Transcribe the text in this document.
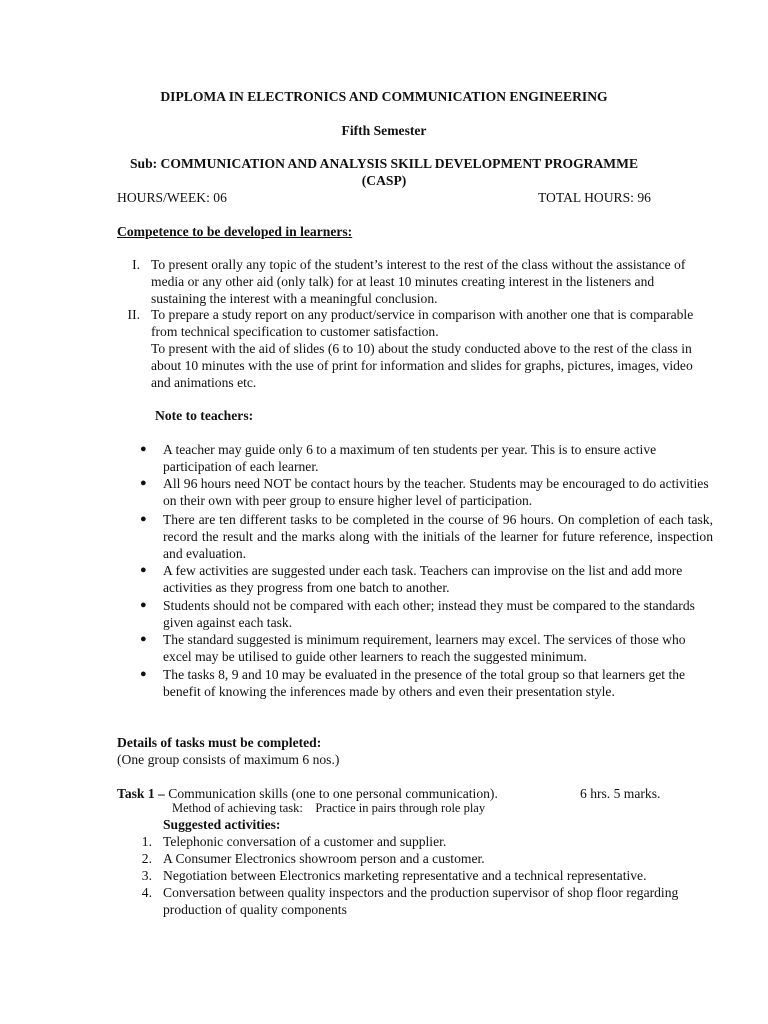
DIPLOMA IN ELECTRONICS AND COMMUNICATION ENGINEERING
Fifth Semester
Sub: COMMUNICATION AND ANALYSIS SKILL DEVELOPMENT PROGRAMME
(CASP)
HOURS/WEEK: 06	TOTAL HOURS: 96
Competence to be developed in learners:
I. To present orally any topic of the student’s interest to the rest of the class without the assistance of media or any other aid (only talk) for at least 10 minutes creating interest in the listeners and sustaining the interest with a meaningful conclusion.
II. To prepare a study report on any product/service in comparison with another one that is comparable from technical specification to customer satisfaction.
To present with the aid of slides (6 to 10) about the study conducted above to the rest of the class in about 10 minutes with the use of print for information and slides for graphs, pictures, images, video and animations etc.
Note to teachers:
● A teacher may guide only 6 to a maximum of ten students per year. This is to ensure active participation of each learner.
● All 96 hours need NOT be contact hours by the teacher. Students may be encouraged to do activities on their own with peer group to ensure higher level of participation.
● There are ten different tasks to be completed in the course of 96 hours. On completion of each task, record the result and the marks along with the initials of the learner for future reference, inspection and evaluation.
● A few activities are suggested under each task. Teachers can improvise on the list and add more activities as they progress from one batch to another.
● Students should not be compared with each other; instead they must be compared to the standards given against each task.
● The standard suggested is minimum requirement, learners may excel. The services of those who excel may be utilised to guide other learners to reach the suggested minimum.
● The tasks 8, 9 and 10 may be evaluated in the presence of the total group so that learners get the benefit of knowing the inferences made by others and even their presentation style.
Details of tasks must be completed:
(One group consists of maximum 6 nos.)
Task 1 – Communication skills (one to one personal communication).	6 hrs. 5 marks.
Method of achieving task:    Practice in pairs through role play
Suggested activities:
1. Telephonic conversation of a customer and supplier.
2. A Consumer Electronics showroom person and a customer.
3. Negotiation between Electronics marketing representative and a technical representative.
4. Conversation between quality inspectors and the production supervisor of shop floor regarding production of quality components
